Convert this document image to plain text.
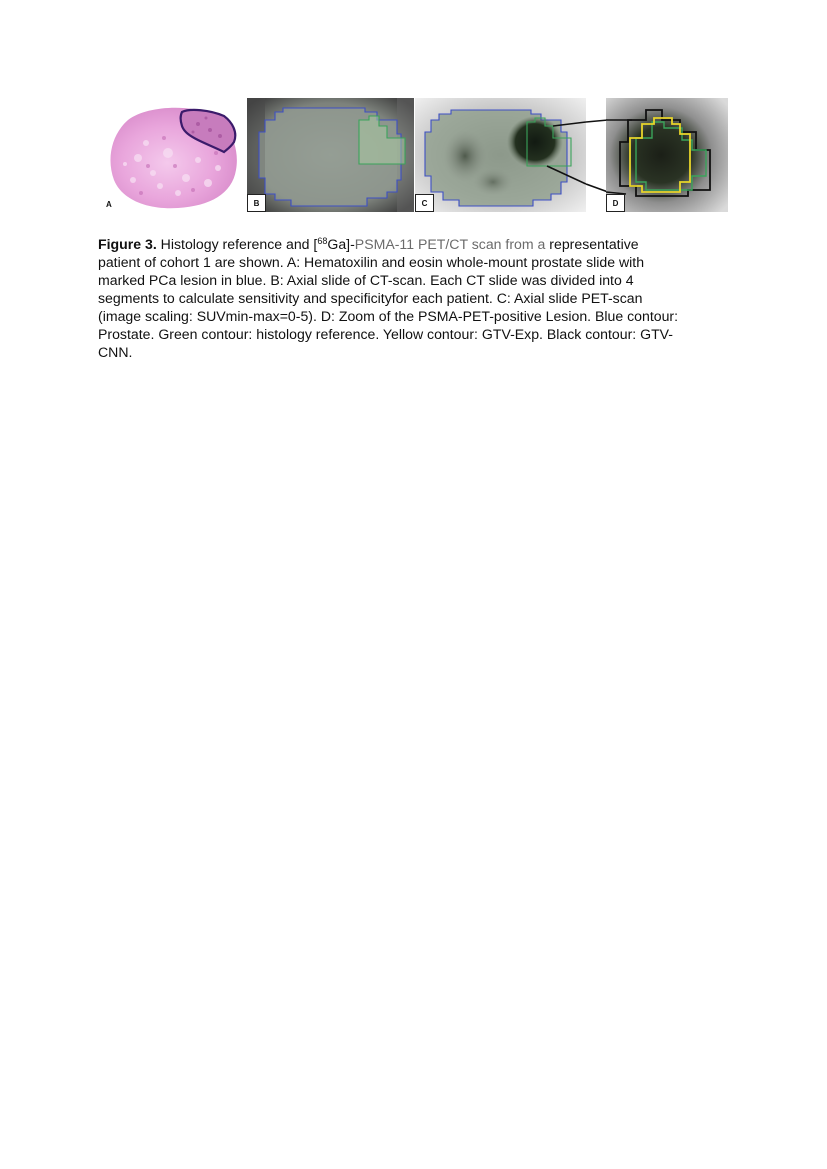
A	B	C	D
Figure 3. Histology reference and [$^{68}$Ga]-PSMA-11 PET/CT scan from a representative
patient of cohort 1 are shown. A: Hematoxilin and eosin whole-mount prostate slide with
marked PCa lesion in blue. B: Axial slide of CT-scan. Each CT slide was divided into 4
segments to calculate sensitivity and specificityfor each patient. C: Axial slide PET-scan
(image scaling: SUVmin-max=0-5). D: Zoom of the PSMA-PET-positive Lesion. Blue contour:
Prostate. Green contour: histology reference. Yellow contour: GTV-Exp. Black contour: GTV-
CNN.
